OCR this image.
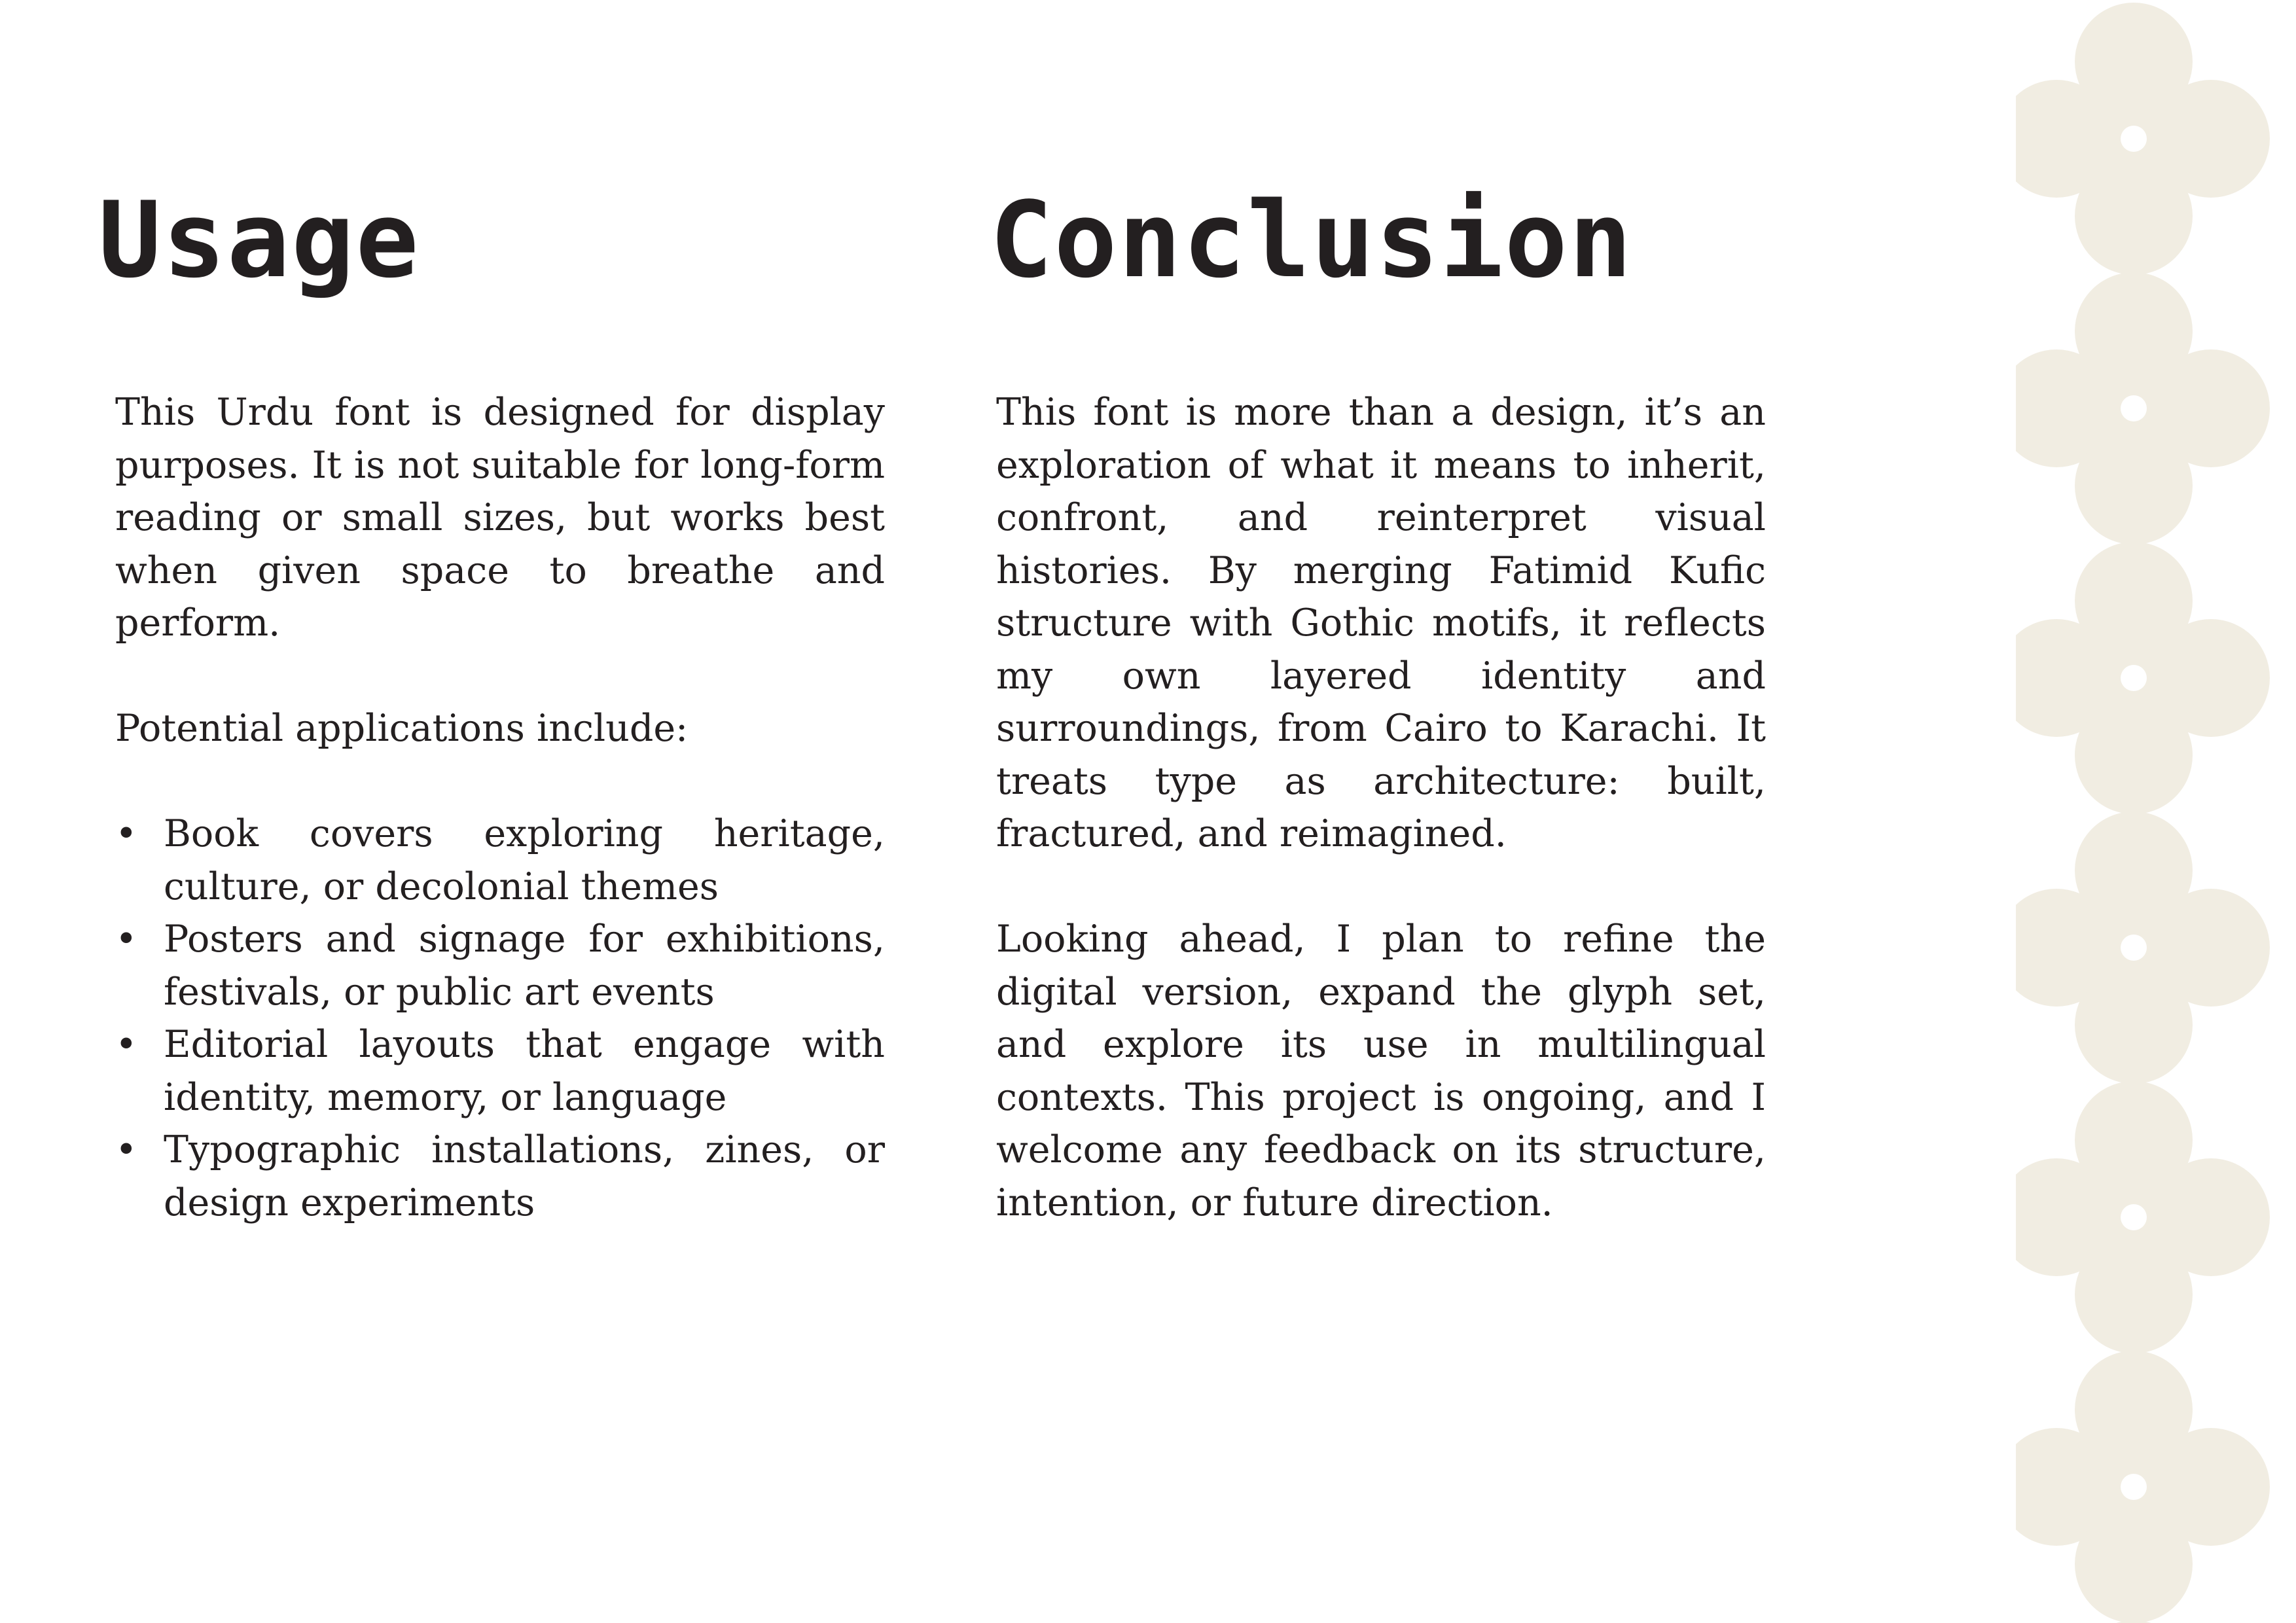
Usage	Conclusion

This Urdu font is designed for display purposes. It is not suitable for long-form reading or small sizes, but works best when given space to breathe and perform.

Potential applications include:

• Book covers exploring heritage, culture, or decolonial themes
• Posters and signage for exhibitions, festivals, or public art events
• Editorial layouts that engage with identity, memory, or language
• Typographic installations, zines, or design experiments

This font is more than a design, it’s an exploration of what it means to inherit, confront, and reinterpret visual histories. By merging Fatimid Kufic structure with Gothic motifs, it reflects my own layered identity and surroundings, from Cairo to Karachi. It treats type as architecture: built, fractured, and reimagined.

Looking ahead, I plan to refine the digital version, expand the glyph set, and explore its use in multilingual contexts. This project is ongoing, and I welcome any feedback on its structure, intention, or future direction.
